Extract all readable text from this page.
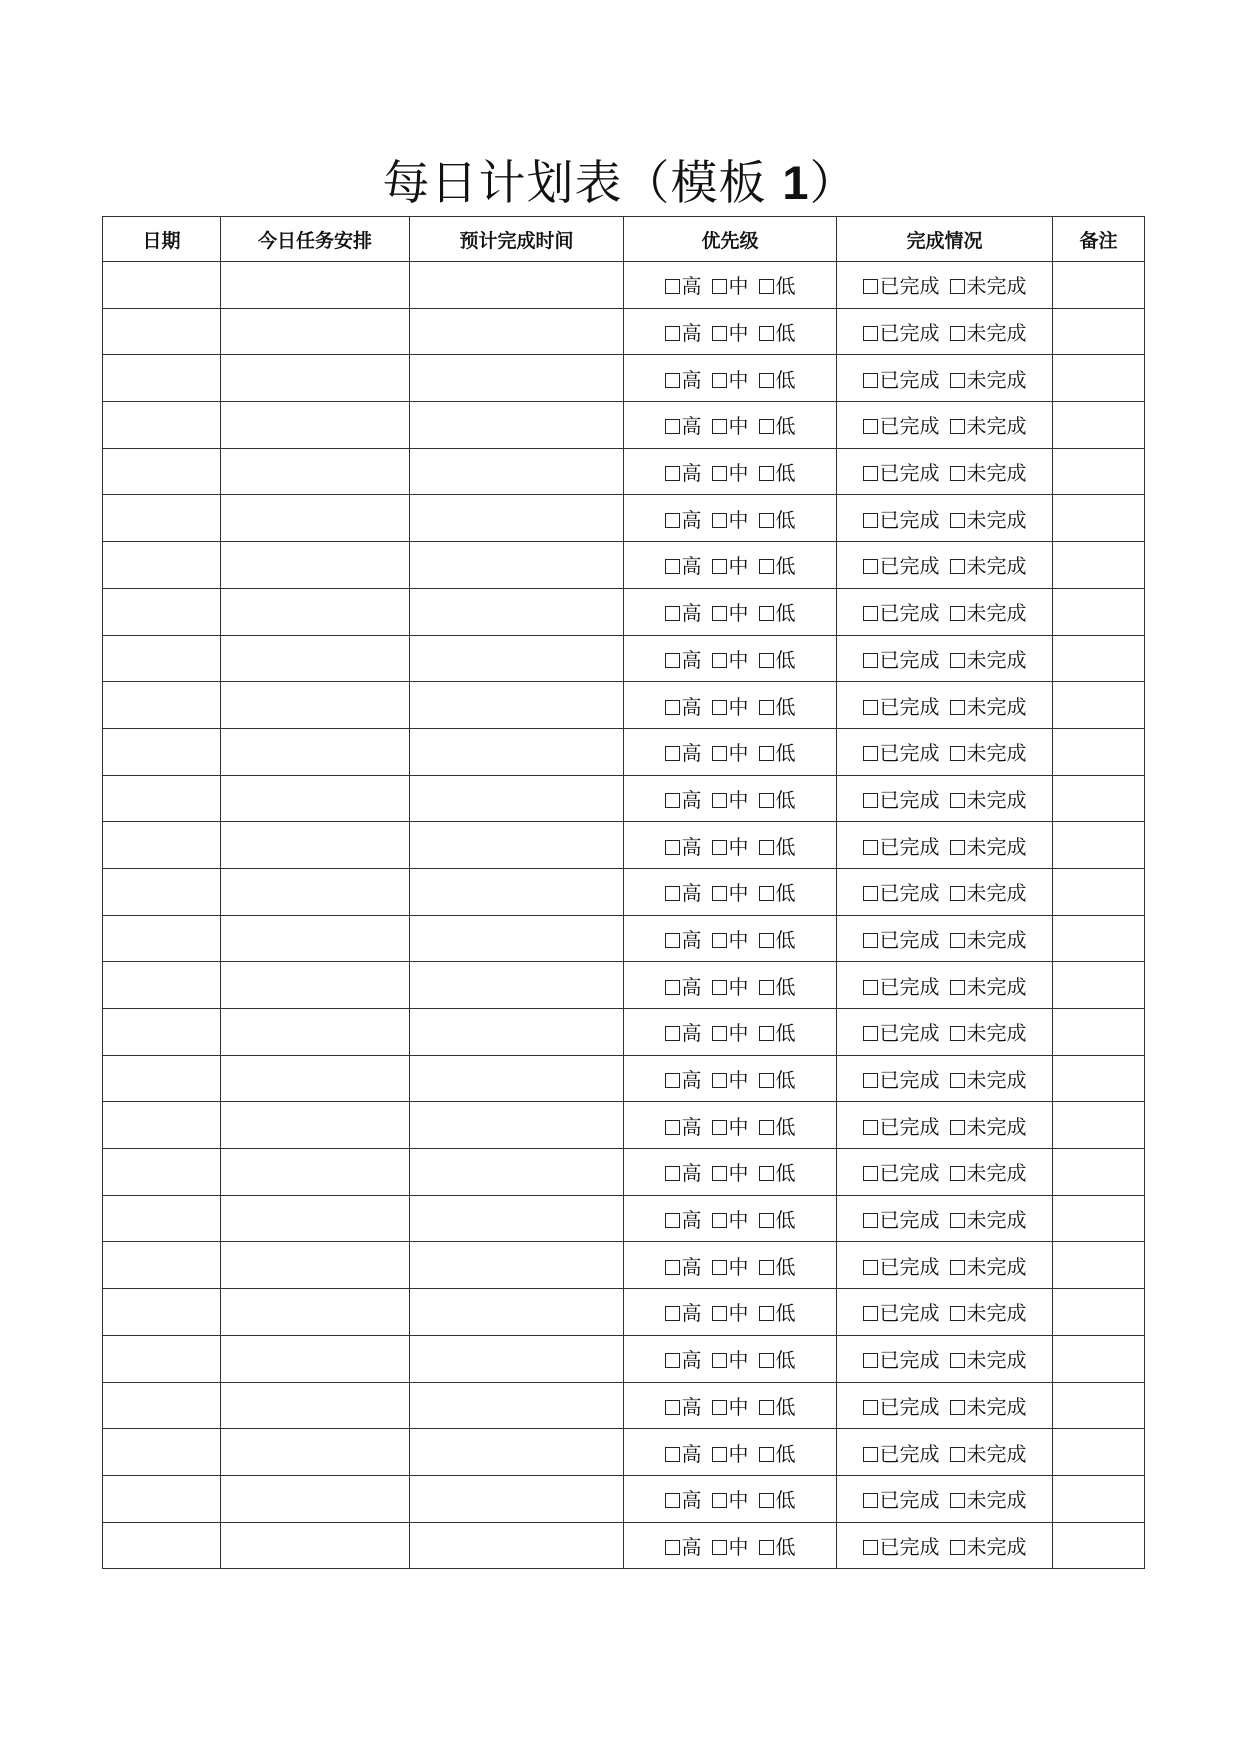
每日计划表（模板 1）
日期	今日任务安排	预计完成时间	优先级	完成情况	备注
			高 中 低	已完成 未完成	
			高 中 低	已完成 未完成	
			高 中 低	已完成 未完成	
			高 中 低	已完成 未完成	
			高 中 低	已完成 未完成	
			高 中 低	已完成 未完成	
			高 中 低	已完成 未完成	
			高 中 低	已完成 未完成	
			高 中 低	已完成 未完成	
			高 中 低	已完成 未完成	
			高 中 低	已完成 未完成	
			高 中 低	已完成 未完成	
			高 中 低	已完成 未完成	
			高 中 低	已完成 未完成	
			高 中 低	已完成 未完成	
			高 中 低	已完成 未完成	
			高 中 低	已完成 未完成	
			高 中 低	已完成 未完成	
			高 中 低	已完成 未完成	
			高 中 低	已完成 未完成	
			高 中 低	已完成 未完成	
			高 中 低	已完成 未完成	
			高 中 低	已完成 未完成	
			高 中 低	已完成 未完成	
			高 中 低	已完成 未完成	
			高 中 低	已完成 未完成	
			高 中 低	已完成 未完成	
			高 中 低	已完成 未完成	
